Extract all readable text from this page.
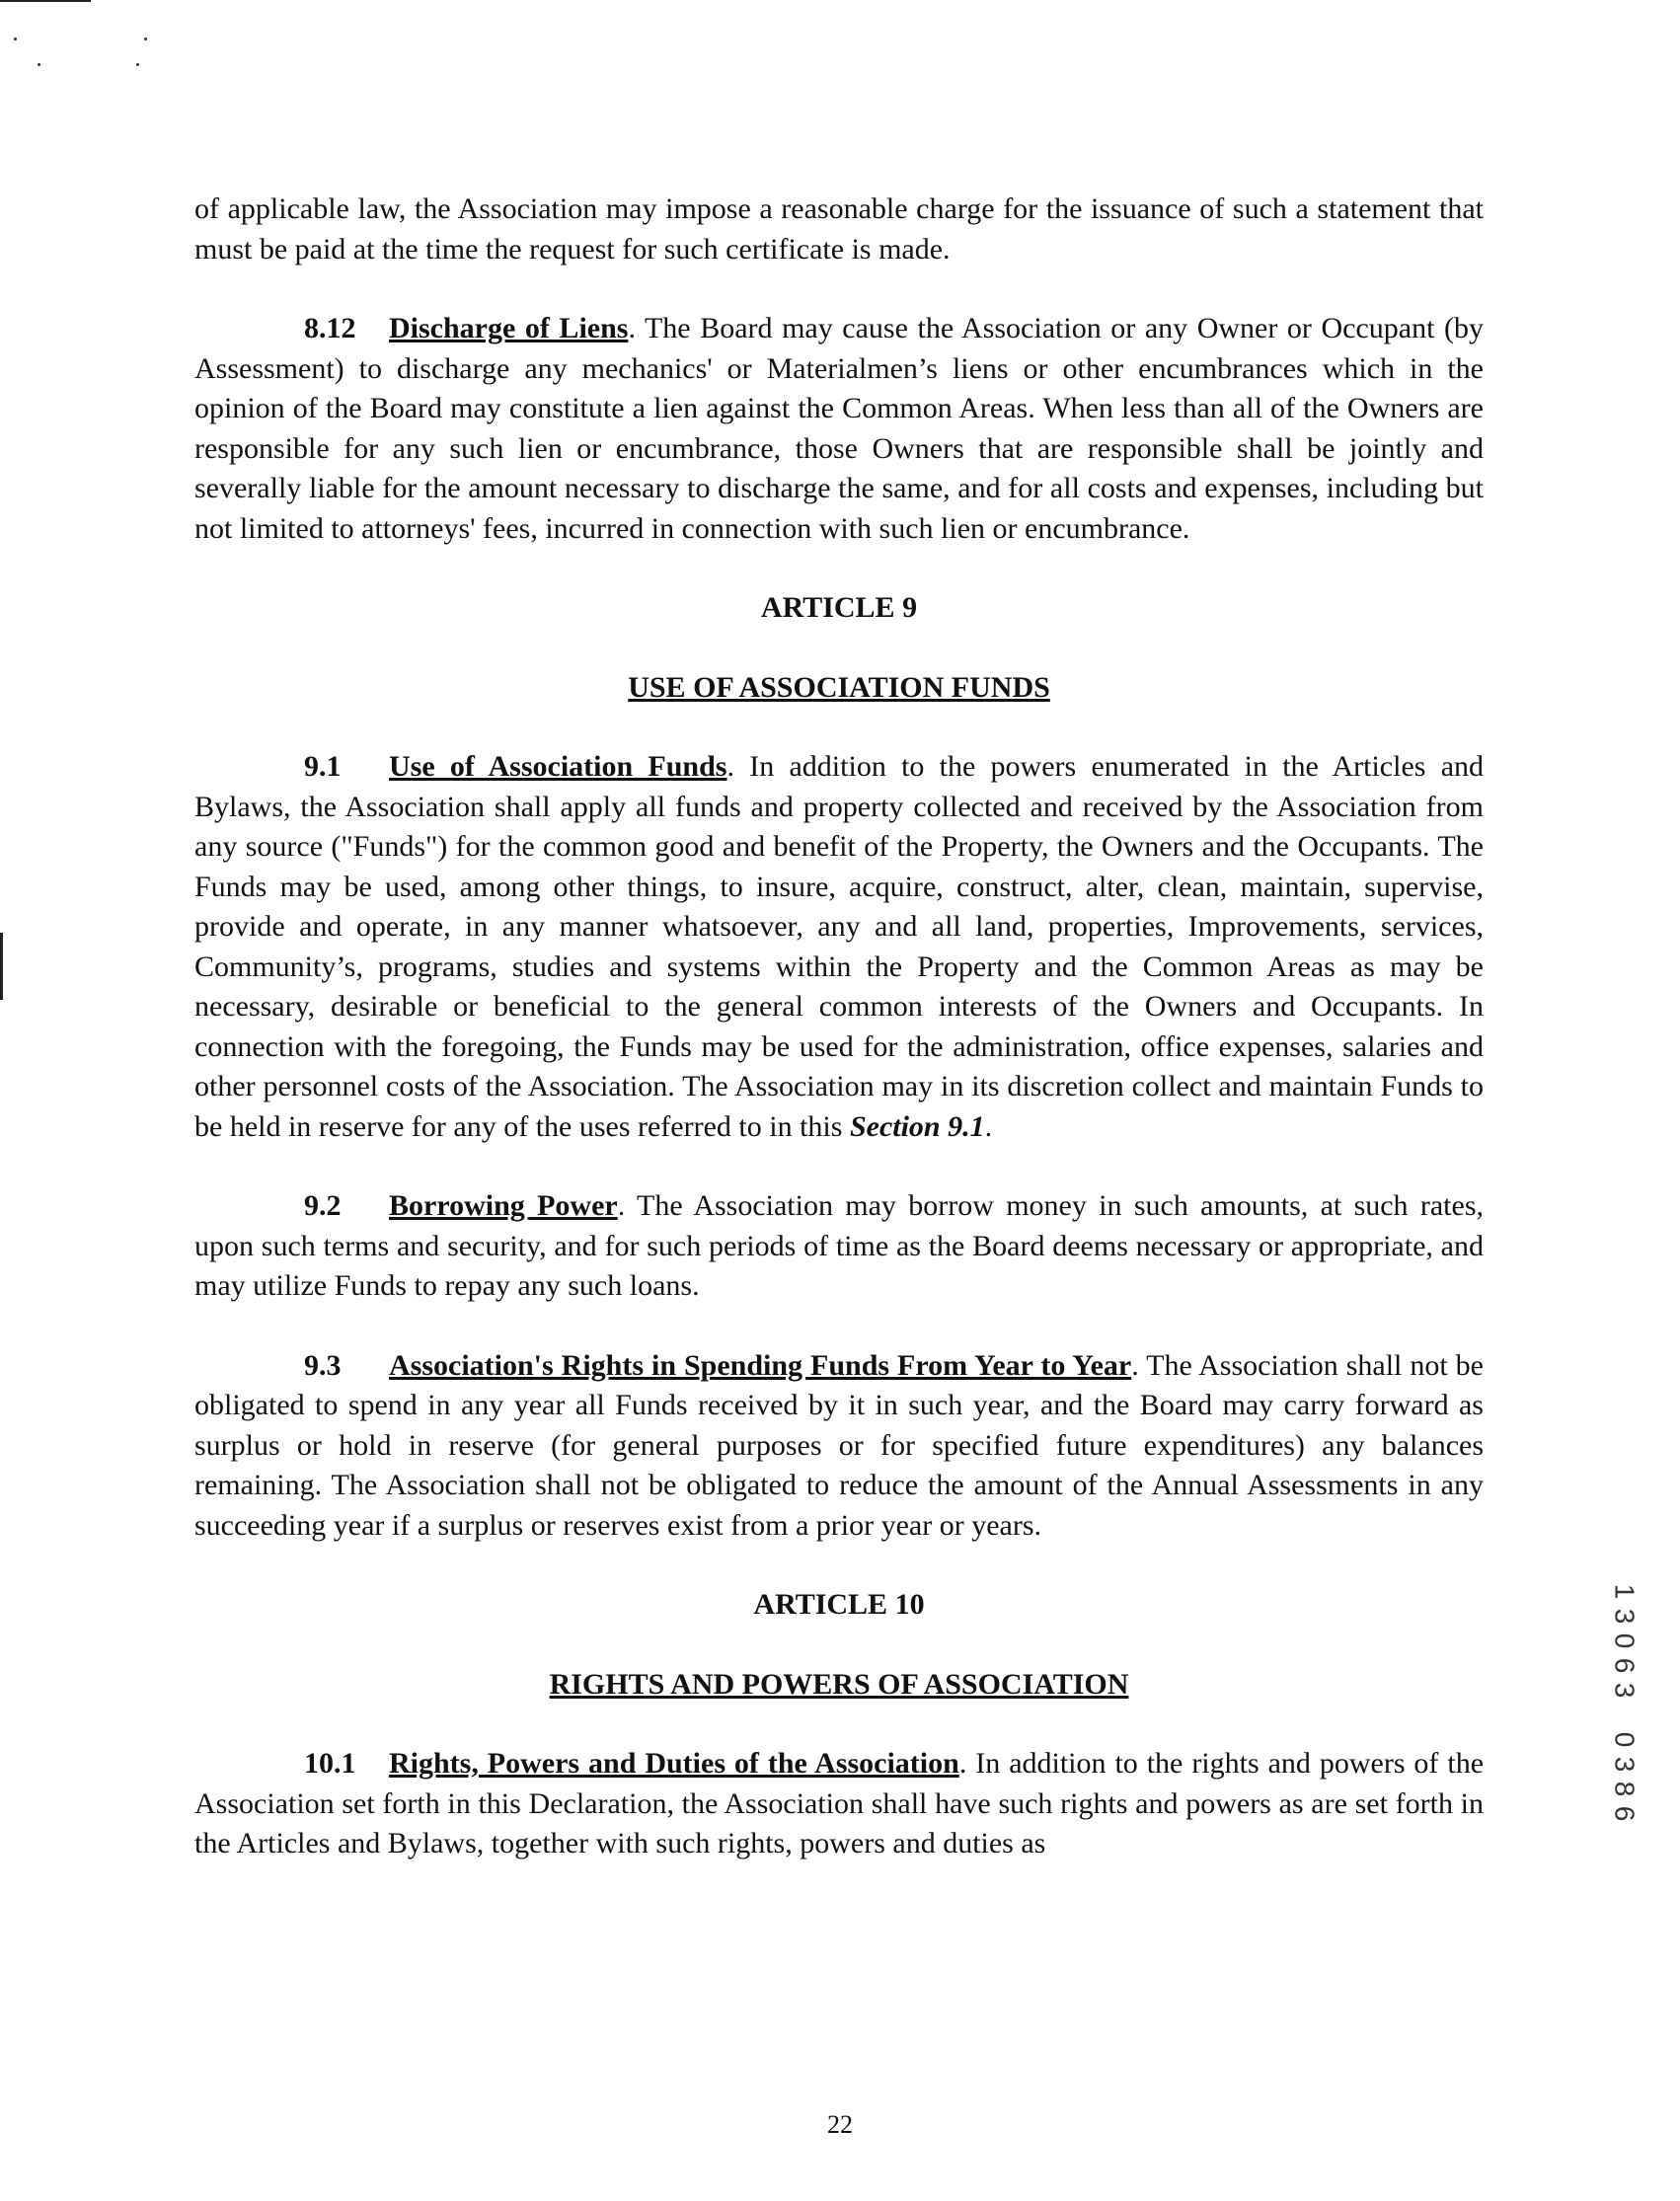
of applicable law, the Association may impose a reasonable charge for the issuance of such a statement that must be paid at the time the request for such certificate is made.

8.12 Discharge of Liens. The Board may cause the Association or any Owner or Occupant (by Assessment) to discharge any mechanics' or Materialmen’s liens or other encumbrances which in the opinion of the Board may constitute a lien against the Common Areas. When less than all of the Owners are responsible for any such lien or encumbrance, those Owners that are responsible shall be jointly and severally liable for the amount necessary to discharge the same, and for all costs and expenses, including but not limited to attorneys' fees, incurred in connection with such lien or encumbrance.

ARTICLE 9

USE OF ASSOCIATION FUNDS

9.1 Use of Association Funds. In addition to the powers enumerated in the Articles and Bylaws, the Association shall apply all funds and property collected and received by the Association from any source ("Funds") for the common good and benefit of the Property, the Owners and the Occupants. The Funds may be used, among other things, to insure, acquire, construct, alter, clean, maintain, supervise, provide and operate, in any manner whatsoever, any and all land, properties, Improvements, services, Community’s, programs, studies and systems within the Property and the Common Areas as may be necessary, desirable or beneficial to the general common interests of the Owners and Occupants. In connection with the foregoing, the Funds may be used for the administration, office expenses, salaries and other personnel costs of the Association. The Association may in its discretion collect and maintain Funds to be held in reserve for any of the uses referred to in this Section 9.1.

9.2 Borrowing Power. The Association may borrow money in such amounts, at such rates, upon such terms and security, and for such periods of time as the Board deems necessary or appropriate, and may utilize Funds to repay any such loans.

9.3 Association's Rights in Spending Funds From Year to Year. The Association shall not be obligated to spend in any year all Funds received by it in such year, and the Board may carry forward as surplus or hold in reserve (for general purposes or for specified future expenditures) any balances remaining. The Association shall not be obligated to reduce the amount of the Annual Assessments in any succeeding year if a surplus or reserves exist from a prior year or years.

ARTICLE 10

RIGHTS AND POWERS OF ASSOCIATION

10.1 Rights, Powers and Duties of the Association. In addition to the rights and powers of the Association set forth in this Declaration, the Association shall have such rights and powers as are set forth in the Articles and Bylaws, together with such rights, powers and duties as

1
3
0
6
3

0
3
8
6
22
